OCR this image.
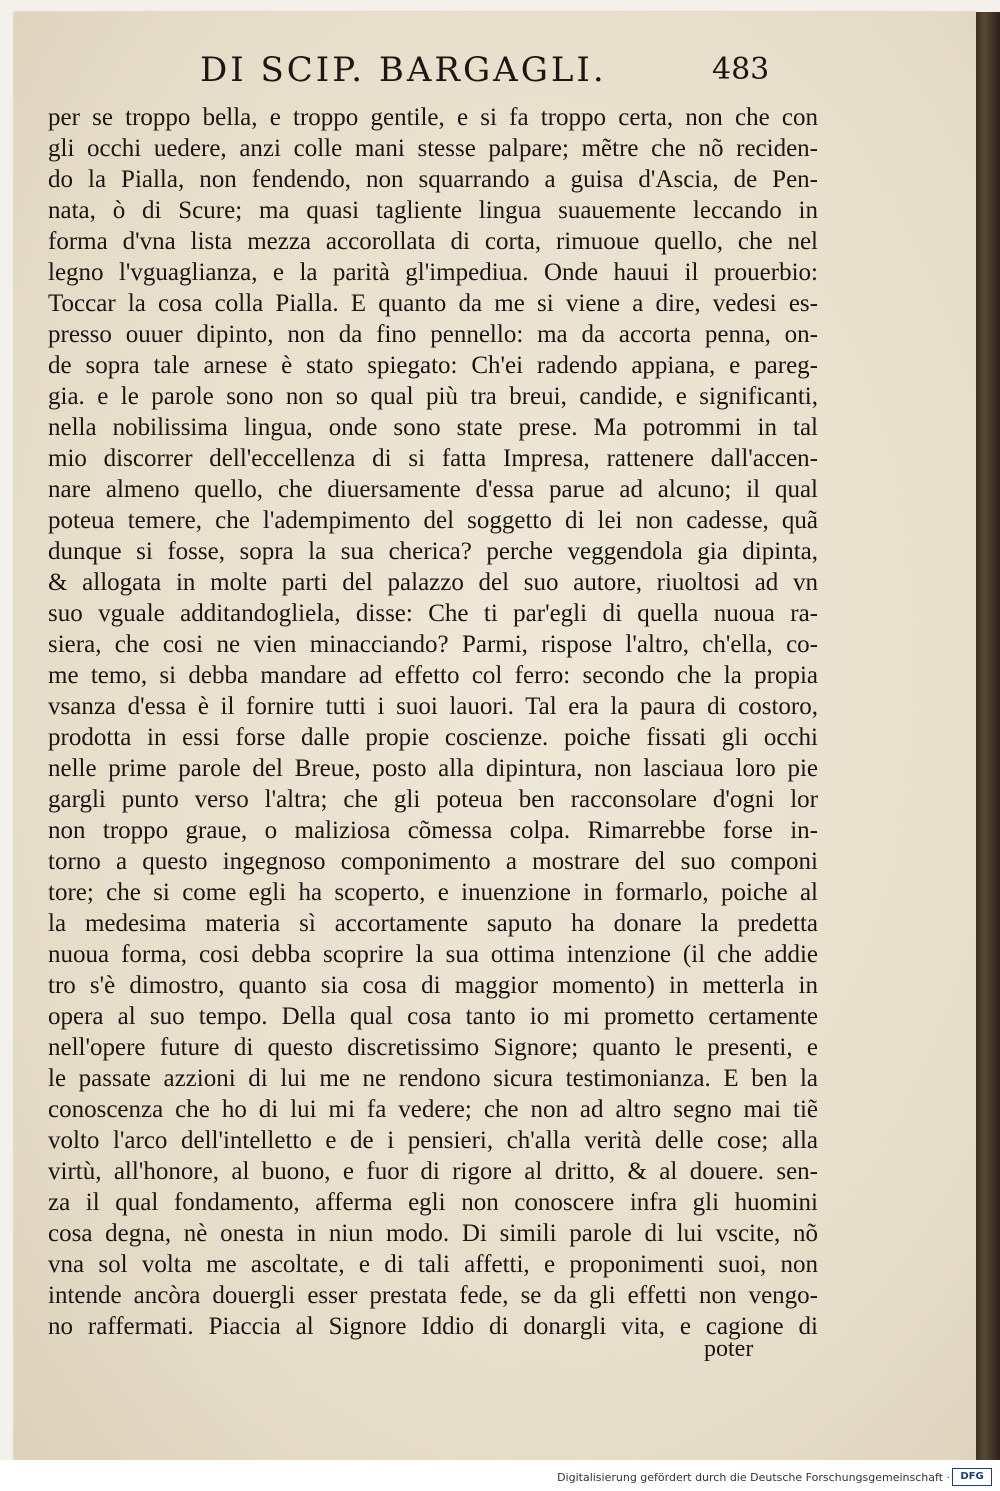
DI SCIP. BARGAGLI.	483
per se troppo bella, e troppo gentile, e si fa troppo certa, non che con
gli occhi uedere, anzi colle mani stesse palpare; mẽtre che nõ reciden-
do la Pialla, non fendendo, non squarrando a guisa d'Ascia, de Pen-
nata, ò di Scure; ma quasi tagliente lingua suauemente leccando in
forma d'vna lista mezza accorollata di corta, rimuoue quello, che nel
legno l'vguaglianza, e la parità gl'impediua. Onde hauui il prouerbio:
Toccar la cosa colla Pialla. E quanto da me si viene a dire, vedesi es-
presso ouuer dipinto, non da fino pennello: ma da accorta penna, on-
de sopra tale arnese è stato spiegato: Ch'ei radendo appiana, e pareg-
gia. e le parole sono non so qual più tra breui, candide, e significanti,
nella nobilissima lingua, onde sono state prese. Ma potrommi in tal
mio discorrer dell'eccellenza di si fatta Impresa, rattenere dall'accen-
nare almeno quello, che diuersamente d'essa parue ad alcuno; il qual
poteua temere, che l'adempimento del soggetto di lei non cadesse, quã
dunque si fosse, sopra la sua cherica? perche veggendola gia dipinta,
& allogata in molte parti del palazzo del suo autore, riuoltosi ad vn
suo vguale additandogliela, disse: Che ti par'egli di quella nuoua ra-
siera, che cosi ne vien minacciando? Parmi, rispose l'altro, ch'ella, co-
me temo, si debba mandare ad effetto col ferro: secondo che la propia
vsanza d'essa è il fornire tutti i suoi lauori. Tal era la paura di costoro,
prodotta in essi forse dalle propie coscienze. poiche fissati gli occhi
nelle prime parole del Breue, posto alla dipintura, non lasciaua loro pie
gargli punto verso l'altra; che gli poteua ben racconsolare d'ogni lor
non troppo graue, o maliziosa cõmessa colpa. Rimarrebbe forse in-
torno a questo ingegnoso componimento a mostrare del suo componi
tore; che si come egli ha scoperto, e inuenzione in formarlo, poiche al
la medesima materia sì accortamente saputo ha donare la predetta
nuoua forma, cosi debba scoprire la sua ottima intenzione (il che addie
tro s'è dimostro, quanto sia cosa di maggior momento) in metterla in
opera al suo tempo. Della qual cosa tanto io mi prometto certamente
nell'opere future di questo discretissimo Signore; quanto le presenti, e
le passate azzioni di lui me ne rendono sicura testimonianza. E ben la
conoscenza che ho di lui mi fa vedere; che non ad altro segno mai tiẽ
volto l'arco dell'intelletto e de i pensieri, ch'alla verità delle cose; alla
virtù, all'honore, al buono, e fuor di rigore al dritto, & al douere. sen-
za il qual fondamento, afferma egli non conoscere infra gli huomini
cosa degna, nè onesta in niun modo. Di simili parole di lui vscite, nõ
vna sol volta me ascoltate, e di tali affetti, e proponimenti suoi, non
intende ancòra douergli esser prestata fede, se da gli effetti non vengo-
no raffermati. Piaccia al Signore Iddio di donargli vita, e cagione di
poter
Digitalisierung gefördert durch die Deutsche Forschungsgemeinschaft ·	DFG
